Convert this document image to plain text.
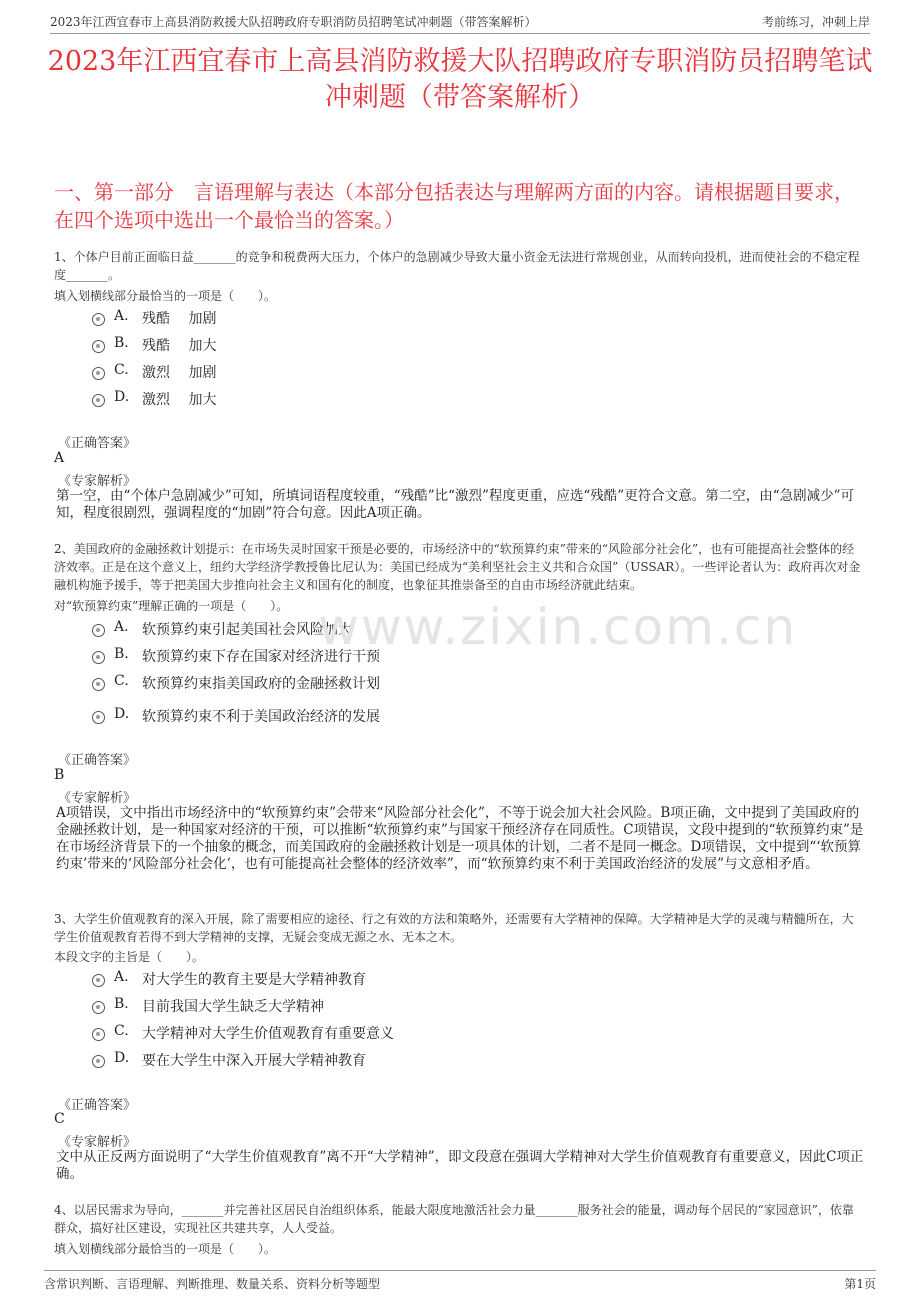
2023年江西宜春市上高县消防救援大队招聘政府专职消防员招聘笔试冲刺题（带答案解析）	考前练习，冲刺上岸
2023年江西宜春市上高县消防救援大队招聘政府专职消防员招聘笔试冲刺题（带答案解析）
一、第一部分　言语理解与表达（本部分包括表达与理解两方面的内容。请根据题目要求，在四个选项中选出一个最恰当的答案。）
1、个体户目前正面临日益_______的竞争和税费两大压力，个体户的急剧减少导致大量小资金无法进行常规创业，从而转向投机，进而使社会的不稳定程度_______。
填入划横线部分最恰当的一项是（　　）。
A. 残酷　 加剧
B. 残酷　 加大
C. 激烈　 加剧
D. 激烈　 加大
《正确答案》
A
《专家解析》
第一空，由“个体户急剧减少”可知，所填词语程度较重，“残酷”比“激烈”程度更重，应选“残酷”更符合文意。第二空，由“急剧减少”可知，程度很剧烈，强调程度的“加剧”符合句意。因此A项正确。
2、美国政府的金融拯救计划提示：在市场失灵时国家干预是必要的，市场经济中的“软预算约束”带来的“风险部分社会化”，也有可能提高社会整体的经济效率。正是在这个意义上，纽约大学经济学教授鲁比尼认为：美国已经成为“美利坚社会主义共和合众国”（USSAR）。一些评论者认为：政府再次对金融机构施予援手，等于把美国大步推向社会主义和国有化的制度，也象征其推崇备至的自由市场经济就此结束。
对“软预算约束”理解正确的一项是（　　）。
A. 软预算约束引起美国社会风险加大
B. 软预算约束下存在国家对经济进行干预
C. 软预算约束指美国政府的金融拯救计划
D. 软预算约束不利于美国政治经济的发展
www.zixin.com.cn
《正确答案》
B
《专家解析》
A项错误，文中指出市场经济中的“软预算约束”会带来“风险部分社会化”，不等于说会加大社会风险。B项正确，文中提到了美国政府的金融拯救计划，是一种国家对经济的干预，可以推断“软预算约束”与国家干预经济存在同质性。C项错误，文段中提到的“软预算约束”是在市场经济背景下的一个抽象的概念，而美国政府的金融拯救计划是一项具体的计划，二者不是同一概念。D项错误，文中提到“‘软预算约束’带来的‘风险部分社会化’，也有可能提高社会整体的经济效率”，而“软预算约束不利于美国政治经济的发展”与文意相矛盾。
3、大学生价值观教育的深入开展，除了需要相应的途径、行之有效的方法和策略外，还需要有大学精神的保障。大学精神是大学的灵魂与精髓所在，大学生价值观教育若得不到大学精神的支撑，无疑会变成无源之水、无本之木。
本段文字的主旨是（　　）。
A. 对大学生的教育主要是大学精神教育
B. 目前我国大学生缺乏大学精神
C. 大学精神对大学生价值观教育有重要意义
D. 要在大学生中深入开展大学精神教育
《正确答案》
C
《专家解析》
文中从正反两方面说明了“大学生价值观教育”离不开“大学精神”，即文段意在强调大学精神对大学生价值观教育有重要意义，因此C项正确。
4、以居民需求为导向，_______并完善社区居民自治组织体系，能最大限度地激活社会力量_______服务社会的能量，调动每个居民的“家园意识”，依靠群众，搞好社区建设，实现社区共建共享，人人受益。
填入划横线部分最恰当的一项是（　　）。
含常识判断、言语理解、判断推理、数量关系、资料分析等题型	第1页
